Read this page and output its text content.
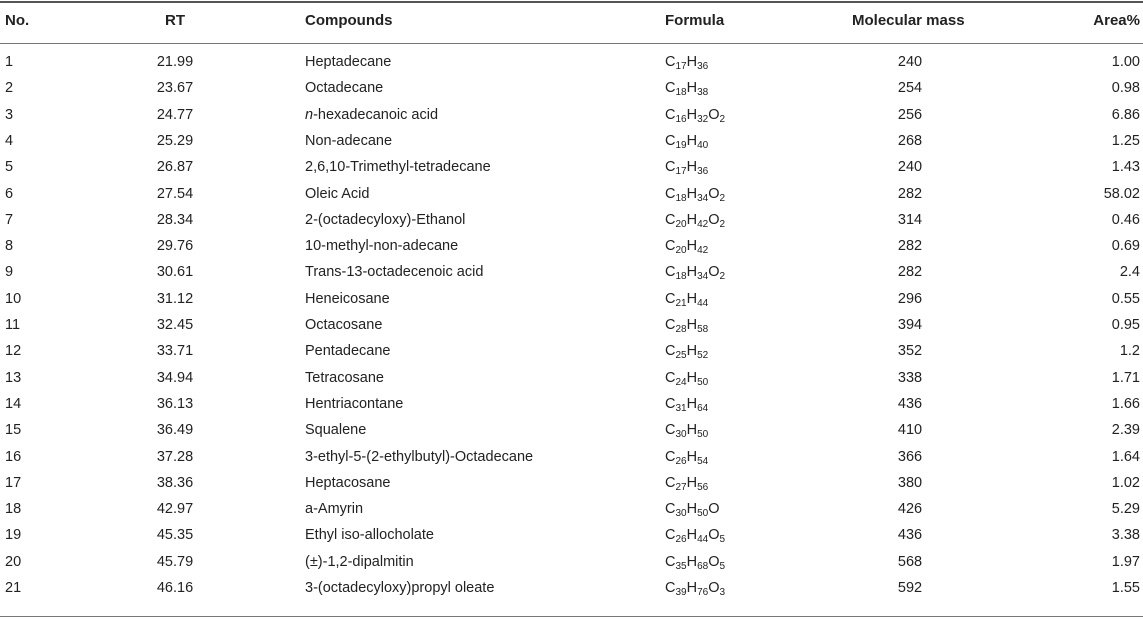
No.	RT	Compounds	Formula	Molecular mass	Area%
1	21.99	Heptadecane	$C_{17}H_{36}$	240	1.00
2	23.67	Octadecane	$C_{18}H_{38}$	254	0.98
3	24.77	n-hexadecanoic acid	$C_{16}H_{32}O_2$	256	6.86
4	25.29	Non-adecane	$C_{19}H_{40}$	268	1.25
5	26.87	2,6,10-Trimethyl-tetradecane	$C_{17}H_{36}$	240	1.43
6	27.54	Oleic Acid	$C_{18}H_{34}O_2$	282	58.02
7	28.34	2-(octadecyloxy)-Ethanol	$C_{20}H_{42}O_2$	314	0.46
8	29.76	10-methyl-non-adecane	$C_{20}H_{42}$	282	0.69
9	30.61	Trans-13-octadecenoic acid	$C_{18}H_{34}O_2$	282	2.4
10	31.12	Heneicosane	$C_{21}H_{44}$	296	0.55
11	32.45	Octacosane	$C_{28}H_{58}$	394	0.95
12	33.71	Pentadecane	$C_{25}H_{52}$	352	1.2
13	34.94	Tetracosane	$C_{24}H_{50}$	338	1.71
14	36.13	Hentriacontane	$C_{31}H_{64}$	436	1.66
15	36.49	Squalene	$C_{30}H_{50}$	410	2.39
16	37.28	3-ethyl-5-(2-ethylbutyl)-Octadecane	$C_{26}H_{54}$	366	1.64
17	38.36	Heptacosane	$C_{27}H_{56}$	380	1.02
18	42.97	a-Amyrin	$C_{30}H_{50}O$	426	5.29
19	45.35	Ethyl iso-allocholate	$C_{26}H_{44}O_5$	436	3.38
20	45.79	(±)-1,2-dipalmitin	$C_{35}H_{68}O_5$	568	1.97
21	46.16	3-(octadecyloxy)propyl oleate	$C_{39}H_{76}O_3$	592	1.55
